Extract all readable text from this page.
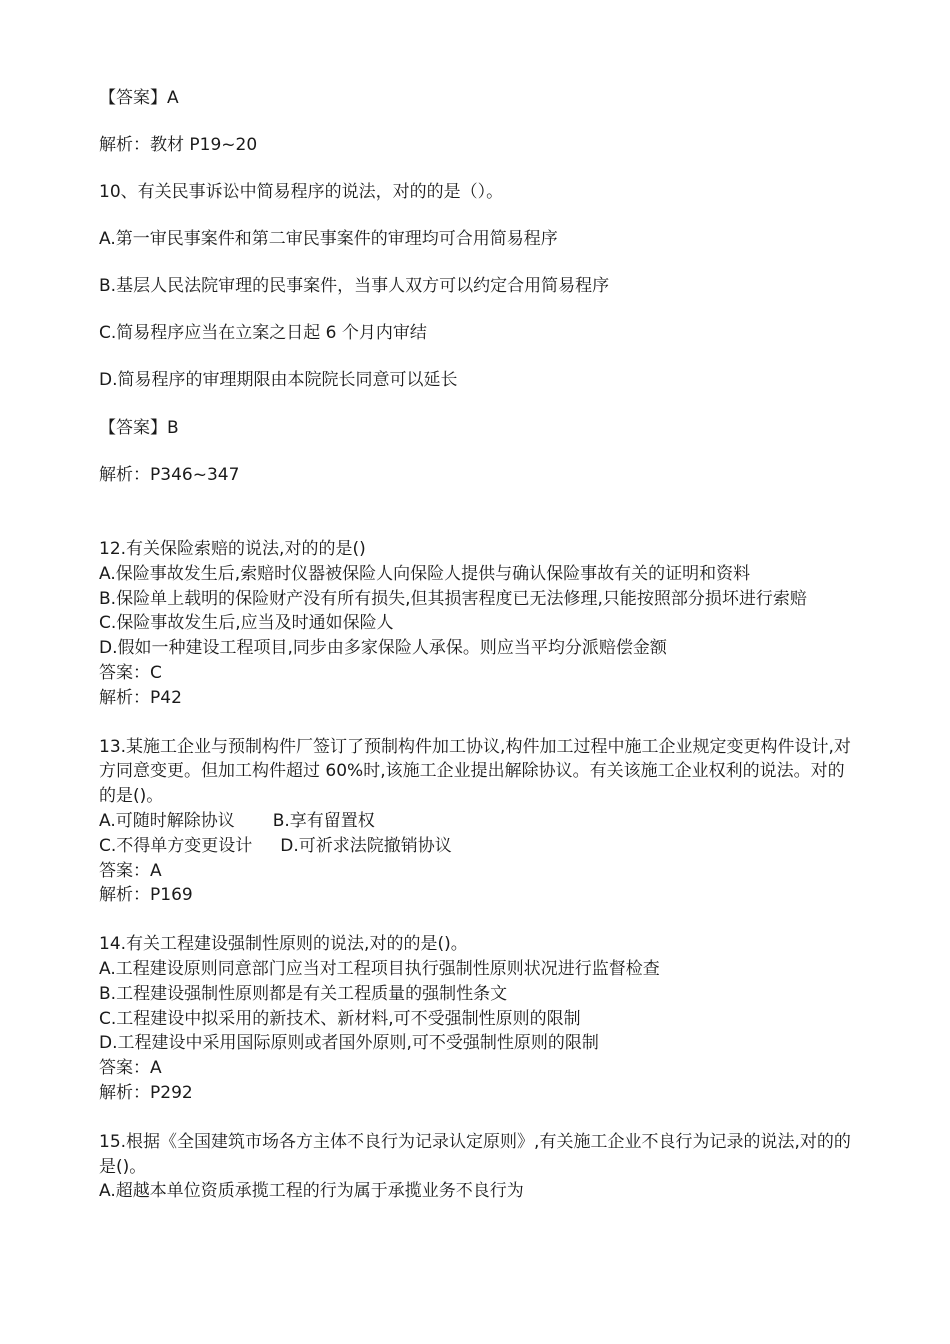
【答案】A
解析：教材 P19~20
10、有关民事诉讼中简易程序的说法，对的的是（）。
A.第一审民事案件和第二审民事案件的审理均可合用简易程序
B.基层人民法院审理的民事案件，当事人双方可以约定合用简易程序
C.简易程序应当在立案之日起 6 个月内审结
D.简易程序的审理期限由本院院长同意可以延长
【答案】B
解析：P346~347
12.有关保险索赔的说法,对的的是()
A.保险事故发生后,索赔时仪器被保险人向保险人提供与确认保险事故有关的证明和资料
B.保险单上载明的保险财产没有所有损失,但其损害程度已无法修理,只能按照部分损坏进行索赔
C.保险事故发生后,应当及时通如保险人
D.假如一种建设工程项目,同步由多家保险人承保。则应当平均分派赔偿金额
答案：C
解析：P42
13.某施工企业与预制构件厂签订了预制构件加工协议,构件加工过程中施工企业规定变更构件设计,对方同意变更。但加工构件超过 60%时,该施工企业提出解除协议。有关该施工企业权利的说法。对的的是()。
A.可随时解除协议 B.享有留置权
C.不得单方变更设计 D.可祈求法院撤销协议
答案：A
解析：P169
14.有关工程建设强制性原则的说法,对的的是()。
A.工程建设原则同意部门应当对工程项目执行强制性原则状况进行监督检查
B.工程建设强制性原则都是有关工程质量的强制性条文
C.工程建设中拟采用的新技术、新材料,可不受强制性原则的限制
D.工程建设中采用国际原则或者国外原则,可不受强制性原则的限制
答案：A
解析：P292
15.根据《全国建筑市场各方主体不良行为记录认定原则》,有关施工企业不良行为记录的说法,对的的是()。
A.超越本单位资质承揽工程的行为属于承揽业务不良行为
